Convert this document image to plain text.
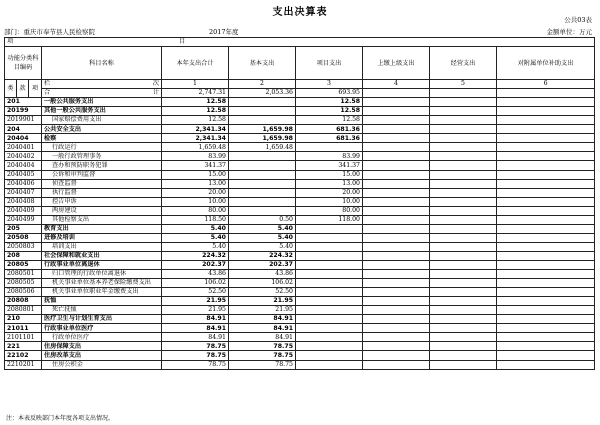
支出决算表
公共03表
部门：重庆市奉节县人民检察院	2017年度	金额单位：万元
项 目									

功能分类科目编码			科目名称	本年支出合计	基本支出	项目支出	上缴上级支出	经营支出	对附属单位补助支出
类	款	项	栏 次	1	2	3	4	5	6
			合 计	2,747.31	2,053.36	693.95			
201			一般公共服务支出	12.58		12.58			
20199			其他一般公共服务支出	12.58		12.58			
2019901			国家赔偿费用支出	12.58		12.58			
204			公共安全支出	2,341.34	1,659.98	681.36			
20404			检察	2,341.34	1,659.98	681.36			
2040401			行政运行	1,659.48	1,659.48				
2040402			一般行政管理事务	83.99		83.99			
2040404			查办和预防职务犯罪	341.37		341.37			
2040405			公诉和审判监督	15.00		15.00			
2040406			侦查监督	13.00		13.00			
2040407			执行监督	20.00		20.00			
2040408			控告申诉	10.00		10.00			
2040409			两房建设	80.00		80.00			
2040499			其他检察支出	118.50	0.50	118.00			
205			教育支出	5.40	5.40				
20508			进修及培训	5.40	5.40				
2050803			培训支出	5.40	5.40				
208			社会保障和就业支出	224.32	224.32				
20805			行政事业单位离退休	202.37	202.37				
2080501			归口管理的行政单位离退休	43.86	43.86				
2080505			机关事业单位基本养老保险缴费支出	106.02	106.02				
2080506			机关事业单位职业年金缴费支出	52.50	52.50				
20808			抚恤	21.95	21.95				
2080801			死亡抚恤	21.95	21.95				
210			医疗卫生与计划生育支出	84.91	84.91				
21011			行政事业单位医疗	84.91	84.91				
2101101			行政单位医疗	84.91	84.91				
221			住房保障支出	78.75	78.75				
22102			住房改革支出	78.75	78.75				
2210201			住房公积金	78.75	78.75				
注：本表反映部门本年度各项支出情况。
